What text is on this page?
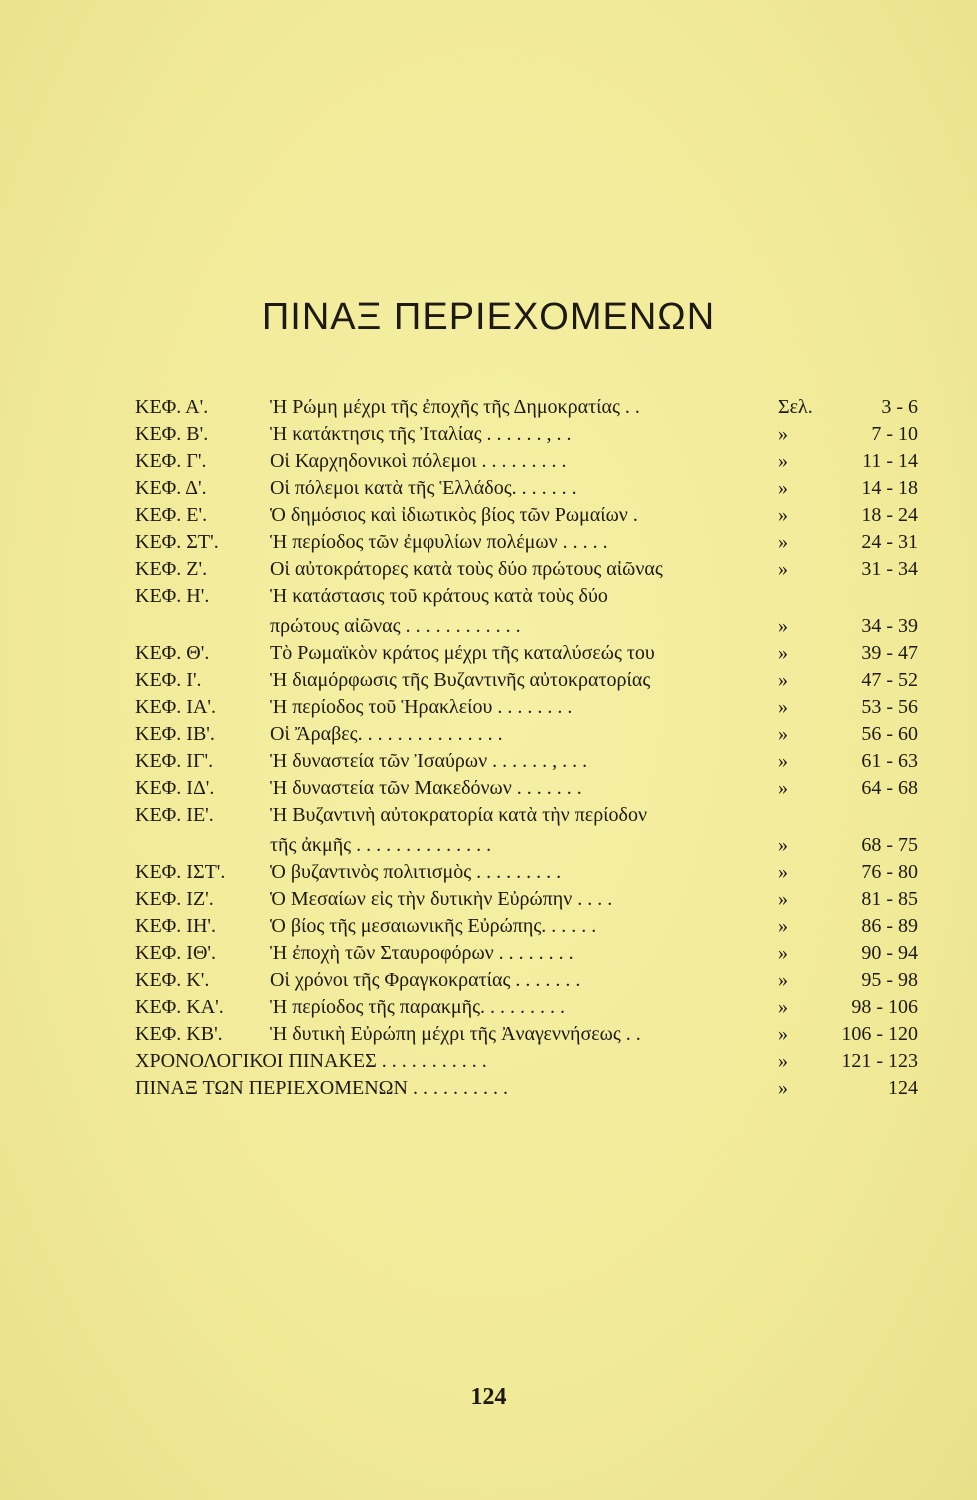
ΠΙΝΑΞ ΠΕΡΙΕΧΟΜΕΝΩΝ
ΚΕΦ. Α'.	Ἡ Ρώμη μέχρι τῆς ἐποχῆς τῆς Δημοκρατίας . .	Σελ.	3 - 6
ΚΕΦ. Β'.	Ἡ κατάκτησις τῆς Ἰταλίας . . . . . . , . .	»	7 - 10
ΚΕΦ. Γ'.	Οἱ Καρχηδονικοὶ πόλεμοι . . . . . . . . .	»	11 - 14
ΚΕΦ. Δ'.	Οἱ πόλεμοι κατὰ τῆς Ἑλλάδος. . . . . . .	»	14 - 18
ΚΕΦ. Ε'.	Ὁ δημόσιος καὶ ἰδιωτικὸς βίος τῶν Ρωμαίων .	»	18 - 24
ΚΕΦ. ΣΤ'.	Ἡ περίοδος τῶν ἐμφυλίων πολέμων . . . . .	»	24 - 31
ΚΕΦ. Ζ'.	Οἱ αὐτοκράτορες κατὰ τοὺς δύο πρώτους αἰῶνας	»	31 - 34
ΚΕΦ. Η'.	Ἡ κατάστασις τοῦ κράτους κατὰ τοὺς δύο
πρώτους αἰῶνας . . . . . . . . . . . .	»	34 - 39
ΚΕΦ. Θ'.	Τὸ Ρωμαϊκὸν κράτος μέχρι τῆς καταλύσεώς του	»	39 - 47
ΚΕΦ. Ι'.	Ἡ διαμόρφωσις τῆς Βυζαντινῆς αὐτοκρατορίας	»	47 - 52
ΚΕΦ. ΙΑ'.	Ἡ περίοδος τοῦ Ἡρακλείου . . . . . . . .	»	53 - 56
ΚΕΦ. ΙΒ'.	Οἱ Ἄραβες. . . . . . . . . . . . . . .	»	56 - 60
ΚΕΦ. ΙΓ'.	Ἡ δυναστεία τῶν Ἰσαύρων . . . . . . , . . .	»	61 - 63
ΚΕΦ. ΙΔ'.	Ἡ δυναστεία τῶν Μακεδόνων . . . . . . .	»	64 - 68
ΚΕΦ. ΙΕ'.	Ἡ Βυζαντινὴ αὐτοκρατορία κατὰ τὴν περίοδον
τῆς ἀκμῆς . . . . . . . . . . . . . .	»	68 - 75
ΚΕΦ. ΙΣΤ'. Ὁ βυζαντινὸς πολιτισμὸς . . . . . . . . .	»	76 - 80
ΚΕΦ. ΙΖ'.	Ὁ Μεσαίων εἰς τὴν δυτικὴν Εὐρώπην . . . .	»	81 - 85
ΚΕΦ. ΙΗ'.	Ὁ βίος τῆς μεσαιωνικῆς Εὐρώπης. . . . . .	»	86 - 89
ΚΕΦ. ΙΘ'.	Ἡ ἐποχὴ τῶν Σταυροφόρων . . . . . . . .	»	90 - 94
ΚΕΦ. Κ'.	Οἱ χρόνοι τῆς Φραγκοκρατίας . . . . . . .	»	95 - 98
ΚΕΦ. ΚΑ'. Ἡ περίοδος τῆς παρακμῆς. . . . . . . . .	»	98 - 106
ΚΕΦ. ΚΒ'. Ἡ δυτικὴ Εὐρώπη μέχρι τῆς Ἀναγεννήσεως . .	»	106 - 120
ΧΡΟΝΟΛΟΓΙΚΟΙ ΠΙΝΑΚΕΣ . . . . . . . . . . .	»	121 - 123
ΠΙΝΑΞ ΤΩΝ ΠΕΡΙΕΧΟΜΕΝΩΝ . . . . . . . . . .	»	124
124
